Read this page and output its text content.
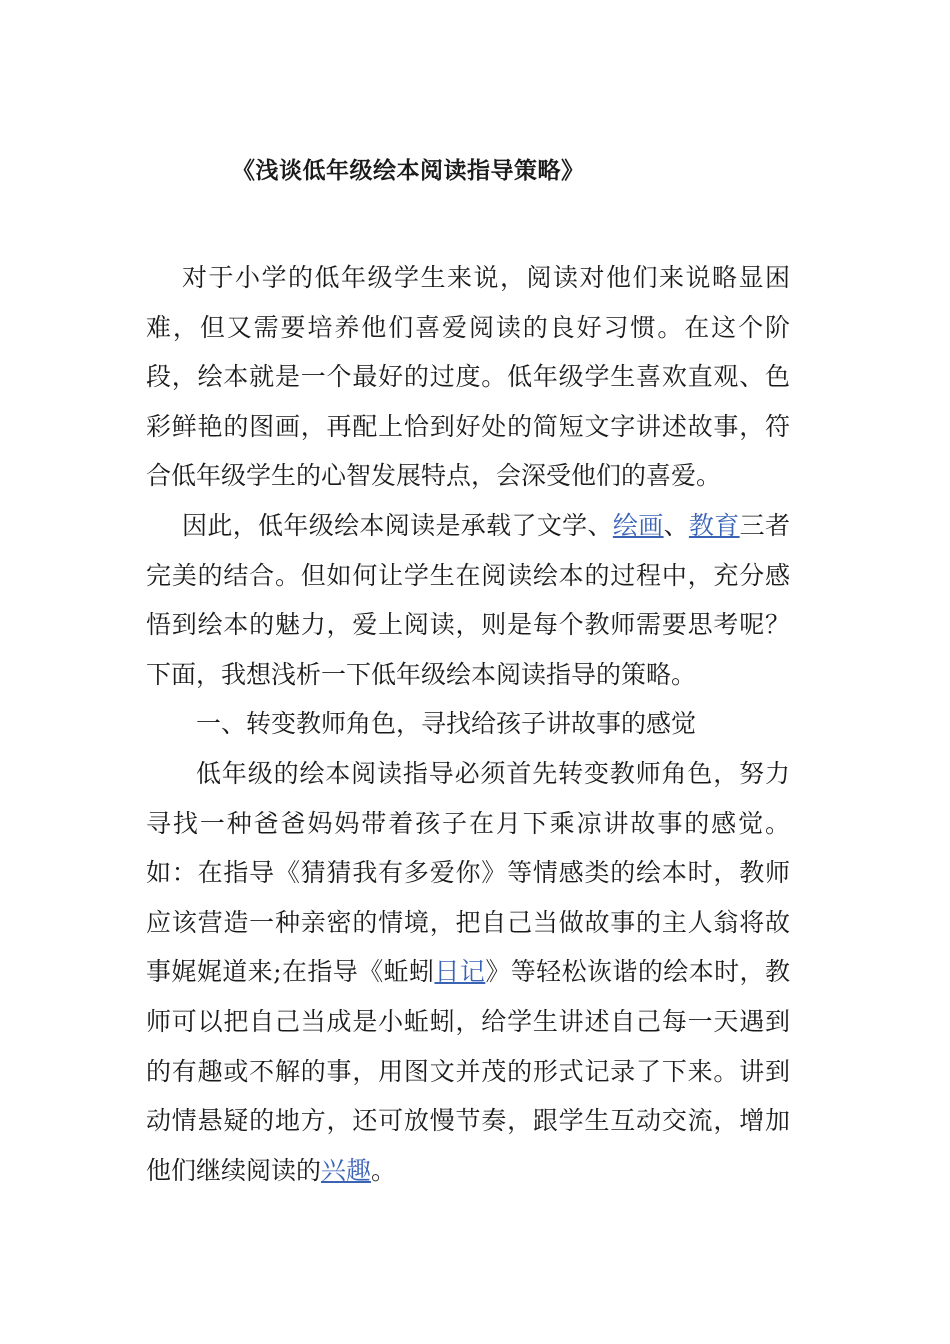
《浅谈低年级绘本阅读指导策略》

对于小学的低年级学生来说，阅读对他们来说略显困难，但又需要培养他们喜爱阅读的良好习惯。在这个阶段，绘本就是一个最好的过度。低年级学生喜欢直观、色彩鲜艳的图画，再配上恰到好处的简短文字讲述故事，符合低年级学生的心智发展特点，会深受他们的喜爱。

因此，低年级绘本阅读是承载了文学、绘画、教育三者完美的结合。但如何让学生在阅读绘本的过程中，充分感悟到绘本的魅力，爱上阅读，则是每个教师需要思考呢？下面，我想浅析一下低年级绘本阅读指导的策略。

一、转变教师角色，寻找给孩子讲故事的感觉

低年级的绘本阅读指导必须首先转变教师角色，努力寻找一种爸爸妈妈带着孩子在月下乘凉讲故事的感觉。如：在指导《猜猜我有多爱你》等情感类的绘本时，教师应该营造一种亲密的情境，把自己当做故事的主人翁将故事娓娓道来;在指导《蚯蚓日记》等轻松诙谐的绘本时，教师可以把自己当成是小蚯蚓，给学生讲述自己每一天遇到的有趣或不解的事，用图文并茂的形式记录了下来。讲到动情悬疑的地方，还可放慢节奏，跟学生互动交流，增加他们继续阅读的兴趣。
